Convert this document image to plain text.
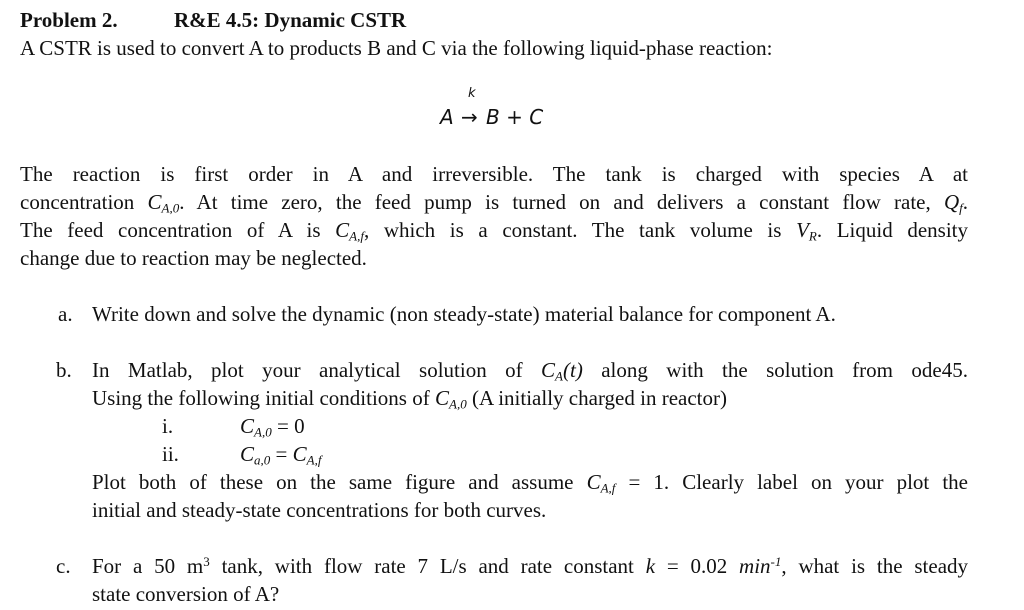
Problem 2.	R&E 4.5: Dynamic CSTR
A CSTR is used to convert A to products B and C via the following liquid-phase reaction:
k
A → B + C
The reaction is first order in A and irreversible. The tank is charged with species A at
concentration $C_{A,0}$. At time zero, the feed pump is turned on and delivers a constant flow rate, $Q_f$.
The feed concentration of A is $C_{A,f}$, which is a constant. The tank volume is $V_R$. Liquid density
change due to reaction may be neglected.
a. Write down and solve the dynamic (non steady-state) material balance for component A.
b. In Matlab, plot your analytical solution of $C_A(t)$ along with the solution from ode45.
Using the following initial conditions of $C_{A,0}$ (A initially charged in reactor)
i.	$C_{A,0} = 0$
ii.	$C_{a,0} = C_{A,f}$
Plot both of these on the same figure and assume $C_{A,f} = 1$. Clearly label on your plot the
initial and steady-state concentrations for both curves.
c. For a 50 $m^3$ tank, with flow rate 7 L/s and rate constant k = 0.02 $\min^{-1}$, what is the steady
state conversion of A?
